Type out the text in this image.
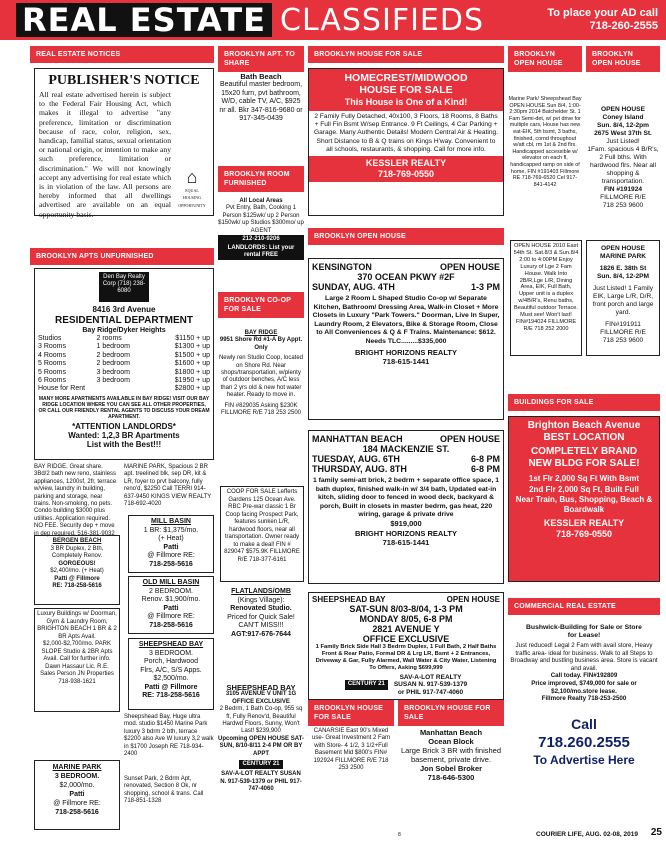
REAL ESTATE CLASSIFIEDS	To place your AD call 718-260-2555
REAL ESTATE NOTICES
PUBLISHER'S NOTICE
All real estate advertised herein is subject to the Federal Fair Housing Act, which makes it illegal to advertise "any preference, limitation or discrimination because of race, color, religion, sex, handicap, familial status, sexual orientation or national origin, or intention to make any such preference, limitation or discrimination." We will not knowingly accept any advertising for real estate which is in violation of the law. All persons are hereby informed that all dwellings advertised are available on an equal opportunity basis.
⌂
EQUAL HOUSING OPPORTUNITY
BROOKLYN APTS UNFURNISHED
Den Bay Realty Corp (718) 238-6080
8416 3rd Avenue
RESIDENTIAL DEPARTMENT
Bay Ridge/Dyker Heights
Studios	2 rooms	$1150 + up
3 Rooms	1 bedroom	$1300 + up
4 Rooms	2 bedroom	$1500 + up
5 Rooms	2 bedroom	$1600 + up
5 Rooms	3 bedroom	$1800 + up
6 Rooms	3 bedroom	$1950 + up
House for Rent	$2800 + up
MANY MORE APARTMENTS AVAILABLE IN BAY RIDGE! VISIT OUR BAY RIDGE LOCATION WHERE YOU CAN SEE ALL OTHER PROPERTIES, OR CALL OUR FRIENDLY RENTAL AGENTS TO DISCUSS YOUR DREAM APARTMENT.
*ATTENTION LANDLORDS*
Wanted: 1,2,3 BR Apartments
List with the Best!!!
BAY RIDGE. Great share. 3Bd/2 bath new reno, stainless appliances, 1200sf, 2fr, terrace w/view, laundry in building, parking and storage, near trains. Non-smoking, no pets. Condo building $3000 plus utilities. Application required. NO FEE. Security dep + move in dep required. 516-381-9032
BERGEN BEACH
3 BR Duplex, 2 Bth,
Completely Renov.
GORGEOUS!
$2,400/mo. (+ Heat)
Patti @ Fillmore
RE: 718-258-5616
Luxury Buildings w/ Doorman, Gym & Laundry Room, BRIGHTON BEACH 1 BR & 2 BR Apts Avail. $2,000-$2,700/mo. PARK SLOPE Studio & 2BR Apts Avail. Call for further info. Dawn Hassaur Lic. R.E. Sales Person JN Properties 718-938-1621
MARINE PARK
3 BEDROOM.
$2,000/mo.
Patti
@ Fillmore RE:
718-258-5616
MARINE PARK, Spacious 2 BR apt. treelined blk, sep DR, kit & LR, foyer to prvt balcony, fully reno'd, $2250 Call TERRI 914-637-9450 KINGS VIEW REALTY 718-692-4020
MILL BASIN
1 BR: $1,375/mo.
(+ Heat)
Patti
@ Fillmore RE:
718-258-5616
OLD MILL BASIN
2 BEDROOM.
Renov. $1,900/mo.
Patti
@ Fillmore RE:
718-258-5616
SHEEPSHEAD BAY
3 BEDROOM.
Porch, Hardwood
Flrs, A/C, S/S Apps.
$2,500/mo.
Patti @ Fillmore
RE: 718-258-5616
Sheepshead Bay, Huge ultra mod. studio $1450 Marine Park luxury 3 bdrm 2 bth, terrace $2200 also Ave W luxury 3,2 walk in $1700 Joseph RE 718-934-2400
Sunset Park, 2 Bdrm Apt, renovated, Section 8 Ok, nr shopping, school & trans. Call 718-851-1328
BROOKLYN APT. TO SHARE
Bath Beach
Beautiful master bedroom, 15x20 furn, pvt bathroom, W/D, cable TV, A/C, $925 nr all. Bkr 347-816-9680 or 917-345-0439
BROOKLYN ROOM FURNISHED
All Local Areas
Pvt Entry, Bath, Cooking 1 Person $125wk/ up 2 Person $150wk/ up Studios $300mo/ up AGENT
212-210-9206
LANDLORDS: List your rental FREE
BROOKLYN CO-OP FOR SALE
BAY RIDGE
9951 Shore Rd #1-A By Appt. Only
Newly ren Studio Coop, located on Shore Rd. Near shops/transportation, w/plenty of outdoor benches, A/C less than 2 yrs old & new hot water heater. Ready to move in.
FIN #829035 Asking $230K FILLMORE R/E 718 253 2500
COOP FOR SALE Lefferts Gardens 125 Ocean Ave. RBC Pre-war classic 1 Br Coop facing Prospect Park, features sunken L/R, hardwood floors, near all transportation. Owner ready to make a deal! FIN # 829047 $575.9K FILLMORE R/E 718-377-6161
FLATLANDS/OMB
(Kings Village):
Renovated Studio.
Priced for Quick Sale! CAN'T MISS!!!
AGT:917-676-7644
SHEEPSHEAD BAY
3105 AVENUE V UNIT 1G
OFFICE EXCLUSIVE
2 Bedrm, 1 Bath Co-op, 955 sq ft, Fully Renov'd, Beautiful Hardwd Floors, Sunny, Won't Last! $239,900
Upcoming OPEN HOUSE SAT-SUN, 8/10-8/11 2-4 PM OR BY APPT
CENTURY 21
SAV-A-LOT REALTY SUSAN N. 917-539-1379 or PHIL 917-747-4060
BROOKLYN HOUSE FOR SALE
HOMECREST/MIDWOOD
HOUSE FOR SALE
This House is One of a Kind!
2 Family Fully Detached, 40x100, 3 Floors, 18 Rooms, 8 Baths + Full Fin Bsmt W/sep Entrance. 9 Ft Ceilings, 4 Car Parking + Garage. Many Authentic Details! Modern Central Air & Heating. Short Distance to B & Q trains on Kings H'way. Convenient to all schools, restaurants, & shopping. Call for more info.
KESSLER REALTY
718-769-0550
BROOKLYN OPEN HOUSE
KENSINGTON	OPEN HOUSE
370 OCEAN PKWY #2F
SUNDAY, AUG. 4TH	1-3 PM
Large 2 Room L Shaped Studio Co-op w/ Separate Kitchen, Bathroom/ Dressing Area, Walk-in Closet + More Closets in Luxury "Park Towers." Doorman, Live In Super, Laundry Room, 2 Elevators, Bike & Storage Room, Close to All Conveniences & Q & F Trains. Maintenance: $612. Needs TLC.........$335,000
BRIGHT HORIZONS REALTY
718-615-1441
MANHATTAN BEACH	OPEN HOUSE
184 MACKENZIE ST.
TUESDAY, AUG. 6TH	6-8 PM
THURSDAY, AUG. 8TH	6-8 PM
1 family semi-att brick, 2 bedrm + separate office space, 1 bath duplex, finished walk-in w/ 3/4 bath, Updated eat-in kitch, sliding door to fenced in wood deck, backyard & porch, Built in closets in master bedrm, gas heat, 220 wiring, garage & private drive
$919,000
BRIGHT HORIZONS REALTY
718-615-1441
SHEEPSHEAD BAY	OPEN HOUSE
SAT-SUN 8/03-8/04, 1-3 PM
MONDAY 8/05, 6-8 PM
2821 AVENUE Y
OFFICE EXCLUSIVE
1 Family Brick Side Hall 3 Bedrm Duplex, 1 Full Bath, 2 Half Baths Front & Rear Patio, Formal DR & Lrg LR, Bsmt + 2 Entrances, Driveway & Gar, Fully Alarmed, Wall Water & City Water, Listening To Offers, Asking $699,999
CENTURY 21
SAV-A-LOT REALTY
SUSAN N. 917-539-1379
or PHIL 917-747-4060
BROOKLYN HOUSE FOR SALE
CANARSIE East 90's Mixed use- Great Investment 2 Fam with Store- 4 1/2, 3 1/2+Full Basement Mid $800's FIN# 192924 FILLMORE R/E 718 253 2500
BROOKLYN HOUSE FOR SALE
Manhattan Beach
Ocean Block
Large Brick 3 BR with finished basement, private drive.
Jon Sobel Broker
718-646-5300
BROOKLYN OPEN HOUSE
BROOKLYN OPEN HOUSE
Marine Park/ Sheepshead Bay OPEN HOUSE Sun 8/4, 1:00-2:30pm 2014 Batchelder St. 1 Fam Semi-det, w/ pvt drive for multiple cars, House has new eat-EIK, 5th bsmt, 3 baths, finished, cornd throughout w/att cbl, rm 1st & 2nd flrs. Handicapped accessible w/ elevator on each fl, handicapped ramp on side of home, FIN #191403 Fillmore RE 718-769-6520 Cel 917-841-4142
OPEN HOUSE
Coney Island
Sun. 8/4, 12-2pm
2675 West 37th St.
Just Listed!
1Fam. spacious 4 B/R's, 2 Full bths. With hardwood flrs. Near all shopping & transportation.
FIN #191924
FILLMORE R/E
718 253 9600
OPEN HOUSE 2010 East 54th St. Sat.8/3 & Sun.8/4 2:00 to 4:00PM Enjoy Luxury of Lge 2 Fam House. Walk Into 2B/R,Lge L/R, Dining Area, EIK, Full Bath, Upper unit is a duplex w/4B/R's, Renu baths, Beautiful outdoor Terrace. Must see! Won't last! FIN#194024 FILLMORE R/E 718 252 2000
OPEN HOUSE
MARINE PARK
1826 E. 38th St
Sun. 8/4, 12-2PM
Just Listed! 1 Family EIK, Large L/R, D/R, front porch and large yard.
FIN#191911
FILLMORE R/E
718 253 9600
BUILDINGS FOR SALE
Brighton Beach Avenue
BEST LOCATION
COMPLETELY BRAND
NEW BLDG FOR SALE!
1st Flr 2,000 Sq Ft With Bsmt
2nd Flr 2,000 Sq Ft, Built Full
Near Train, Bus, Shopping, Beach & Boardwalk
KESSLER REALTY
718-769-0550
COMMERCIAL REAL ESTATE
Bushwick-Building for Sale or Store for Lease!
Just reduced! Legal 2 Fam with avail store, Heavy traffic area- ideal for business. Walk to all Steps to Broadway and bustling business area. Store is vacant and avail.
Call today. FIN#192809
Price improved, $749,000 for sale or $2,100/mo.store lease.
Fillmore Realty 718-253-2500
Call
718.260.2555
To Advertise Here
8	COURIER LIFE, AUG. 02-08, 2019	25
